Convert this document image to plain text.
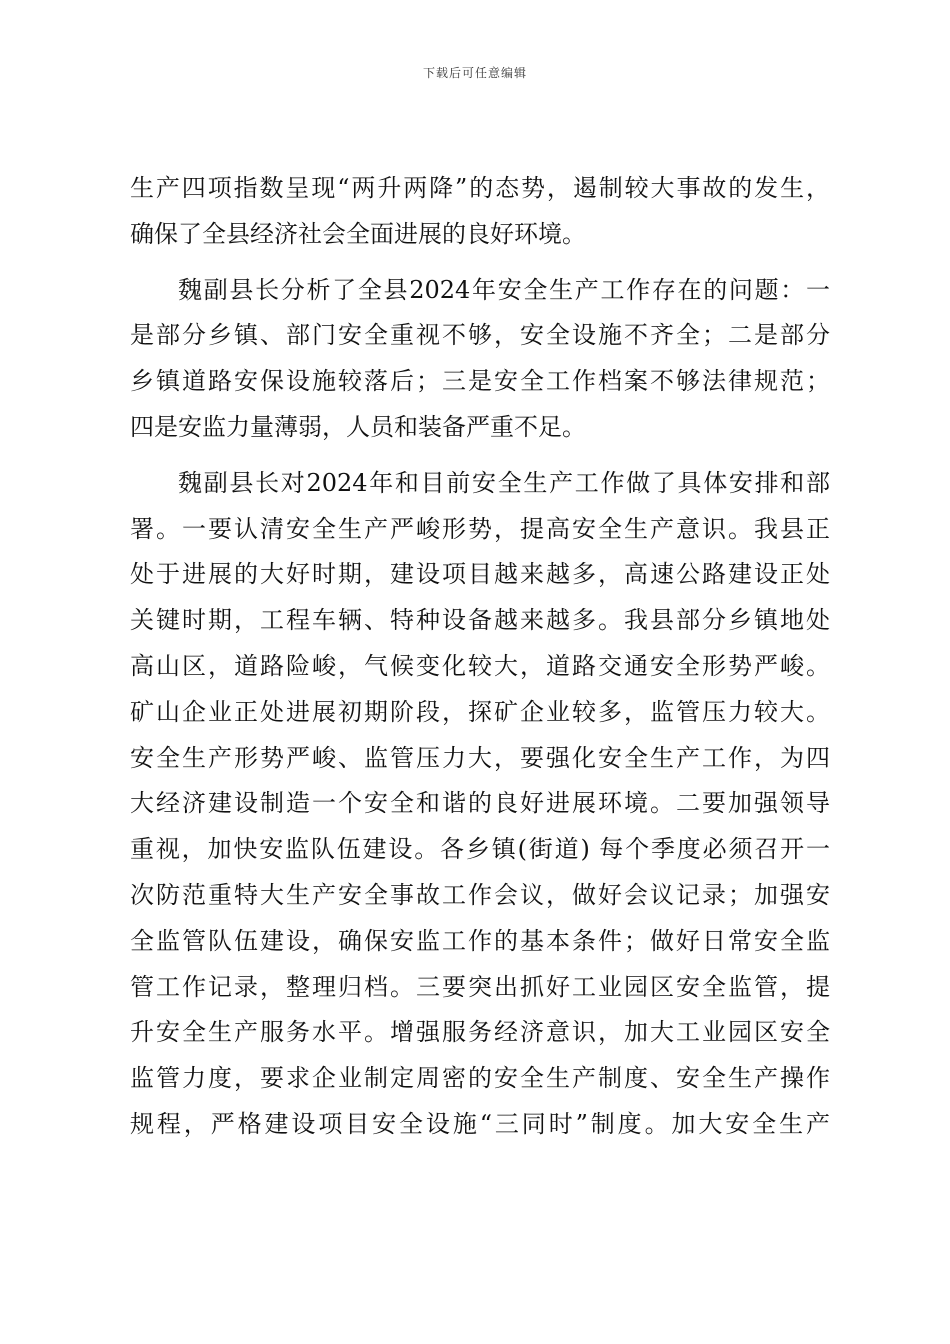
下载后可任意编辑
生产四项指数呈现“两升两降”的态势，遏制较大事故的发生，
确保了全县经济社会全面进展的良好环境。
魏副县长分析了全县2024年安全生产工作存在的问题：一
是部分乡镇、部门安全重视不够，安全设施不齐全；二是部分
乡镇道路安保设施较落后；三是安全工作档案不够法律规范；
四是安监力量薄弱，人员和装备严重不足。
魏副县长对2024年和目前安全生产工作做了具体安排和部
署。一要认清安全生产严峻形势，提高安全生产意识。我县正
处于进展的大好时期，建设项目越来越多，高速公路建设正处
关键时期，工程车辆、特种设备越来越多。我县部分乡镇地处
高山区，道路险峻，气候变化较大，道路交通安全形势严峻。
矿山企业正处进展初期阶段，探矿企业较多，监管压力较大。
安全生产形势严峻、监管压力大，要强化安全生产工作，为四
大经济建设制造一个安全和谐的良好进展环境。二要加强领导
重视，加快安监队伍建设。各乡镇(街道) 每个季度必须召开一
次防范重特大生产安全事故工作会议，做好会议记录；加强安
全监管队伍建设，确保安监工作的基本条件；做好日常安全监
管工作记录，整理归档。三要突出抓好工业园区安全监管，提
升安全生产服务水平。增强服务经济意识，加大工业园区安全
监管力度，要求企业制定周密的安全生产制度、安全生产操作
规程，严格建设项目安全设施“三同时”制度。加大安全生产
